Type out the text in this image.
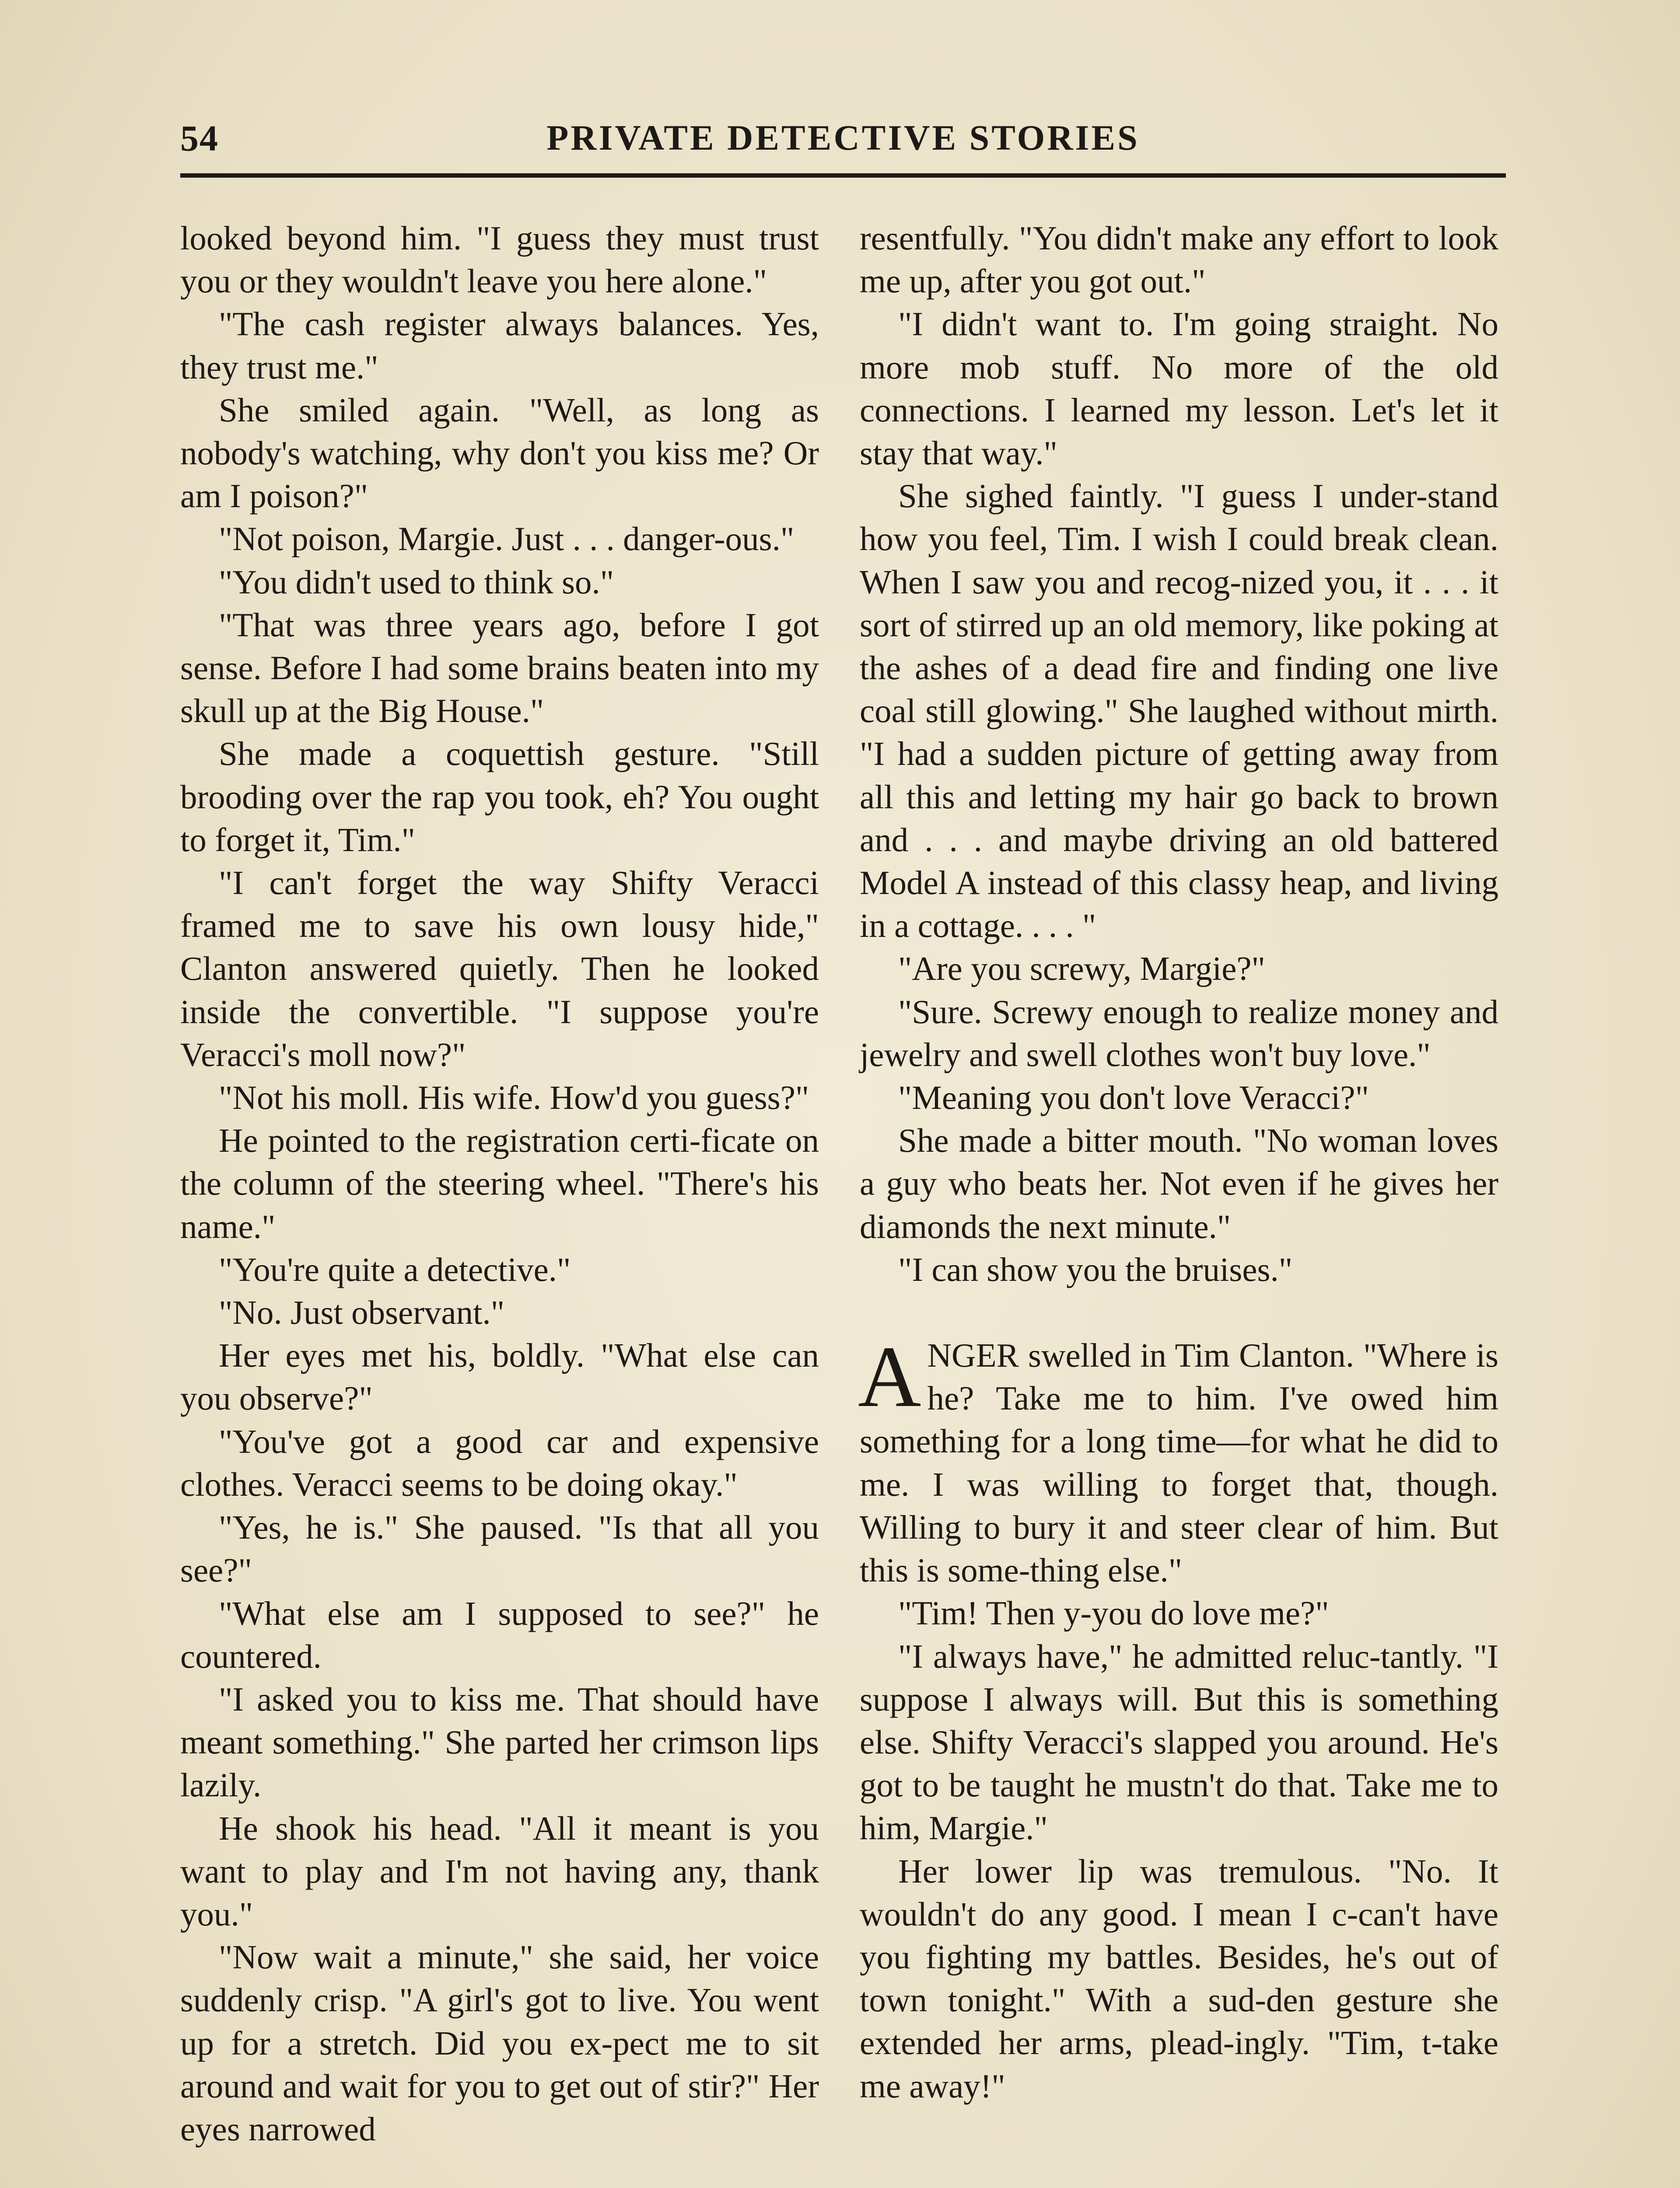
54	PRIVATE DETECTIVE STORIES

looked beyond him. "I guess they must trust you or they wouldn't leave you here alone."

"The cash register always balances. Yes, they trust me."

She smiled again. "Well, as long as nobody's watching, why don't you kiss me? Or am I poison?"

"Not poison, Margie. Just . . . danger-ous."

"You didn't used to think so."

"That was three years ago, before I got sense. Before I had some brains beaten into my skull up at the Big House."

She made a coquettish gesture. "Still brooding over the rap you took, eh? You ought to forget it, Tim."

"I can't forget the way Shifty Veracci framed me to save his own lousy hide," Clanton answered quietly. Then he looked inside the convertible. "I suppose you're Veracci's moll now?"

"Not his moll. His wife. How'd you guess?"

He pointed to the registration certi-ficate on the column of the steering wheel. "There's his name."

"You're quite a detective."

"No. Just observant."

Her eyes met his, boldly. "What else can you observe?"

"You've got a good car and expensive clothes. Veracci seems to be doing okay."

"Yes, he is." She paused. "Is that all you see?"

"What else am I supposed to see?" he countered.

"I asked you to kiss me. That should have meant something." She parted her crimson lips lazily.

He shook his head. "All it meant is you want to play and I'm not having any, thank you."

"Now wait a minute," she said, her voice suddenly crisp. "A girl's got to live. You went up for a stretch. Did you ex-pect me to sit around and wait for you to get out of stir?" Her eyes narrowed

resentfully. "You didn't make any effort to look me up, after you got out."

"I didn't want to. I'm going straight. No more mob stuff. No more of the old connections. I learned my lesson. Let's let it stay that way."

She sighed faintly. "I guess I under-stand how you feel, Tim. I wish I could break clean. When I saw you and recog-nized you, it . . . it sort of stirred up an old memory, like poking at the ashes of a dead fire and finding one live coal still glowing." She laughed without mirth. "I had a sudden picture of getting away from all this and letting my hair go back to brown and . . . and maybe driving an old battered Model A instead of this classy heap, and living in a cottage. . . . "

"Are you screwy, Margie?"

"Sure. Screwy enough to realize money and jewelry and swell clothes won't buy love."

"Meaning you don't love Veracci?"

She made a bitter mouth. "No woman loves a guy who beats her. Not even if he gives her diamonds the next minute."

"I can show you the bruises."

ANGER swelled in Tim Clanton. "Where is he? Take me to him. I've owed him something for a long time—for what he did to me. I was willing to forget that, though. Willing to bury it and steer clear of him. But this is some-thing else."

"Tim! Then y-you do love me?"

"I always have," he admitted reluc-tantly. "I suppose I always will. But this is something else. Shifty Veracci's slapped you around. He's got to be taught he mustn't do that. Take me to him, Margie."

Her lower lip was tremulous. "No. It wouldn't do any good. I mean I c-can't have you fighting my battles. Besides, he's out of town tonight." With a sud-den gesture she extended her arms, plead-ingly. "Tim, t-take me away!"
